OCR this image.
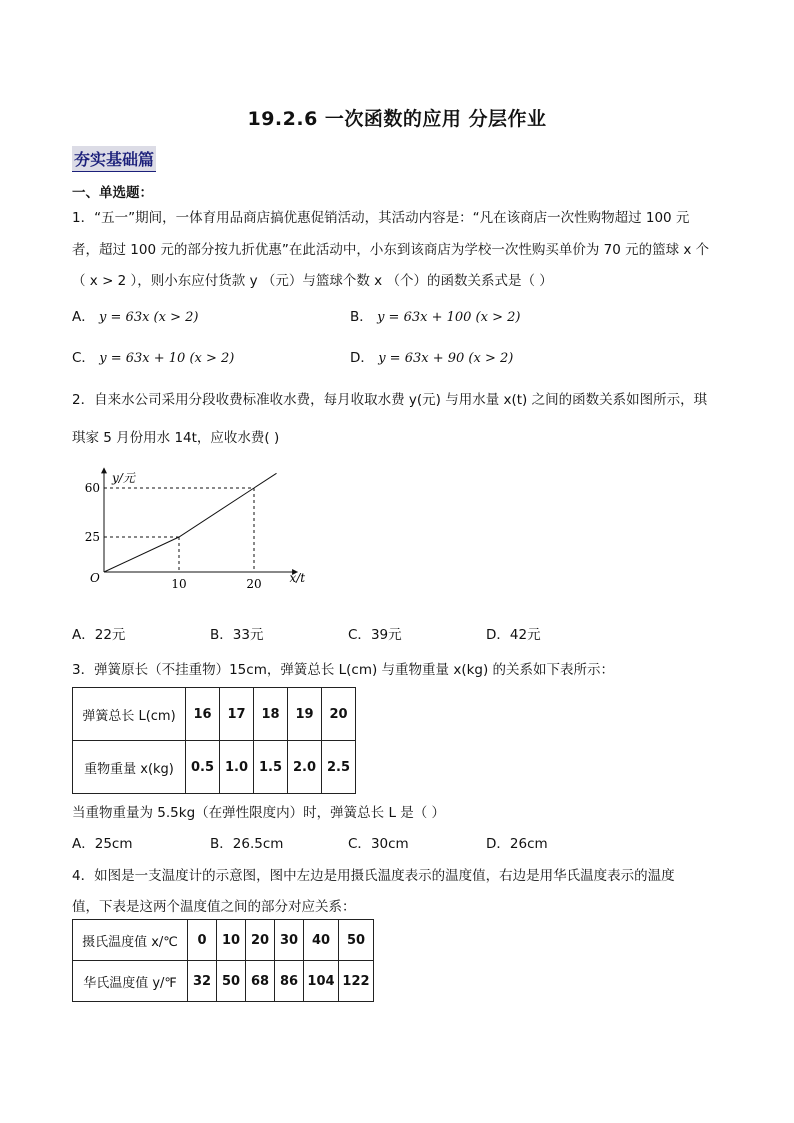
19.2.6 一次函数的应用 分层作业
夯实基础篇
一、单选题：
1．“五一”期间，一体育用品商店搞优惠促销活动，其活动内容是：“凡在该商店一次性购物超过 100 元
者，超过 100 元的部分按九折优惠”在此活动中，小东到该商店为学校一次性购买单价为 70 元的篮球 x 个
（ x > 2 ），则小东应付货款 y （元）与篮球个数 x （个）的函数关系式是（ ）
A． y = 63x (x > 2)	B． y = 63x + 100 (x > 2)
C． y = 63x + 10 (x > 2)	D． y = 63x + 90 (x > 2)
2．自来水公司采用分段收费标准收水费，每月收取水费 y(元) 与用水量 x(t) 之间的函数关系如图所示，琪
琪家 5 月份用水 14t，应收水费( )
10	20
25
60
O	x/t
y/元
A．22元	B．33元	C．39元	D．42元
3．弹簧原长（不挂重物）15cm，弹簧总长 L(cm) 与重物重量 x(kg) 的关系如下表所示：
弹簧总长 L(cm)	16	17	18	19	20
重物重量 x(kg)	0.5	1.0	1.5	2.0	2.5
当重物重量为 5.5kg（在弹性限度内）时，弹簧总长 L 是（ ）
A．25cm	B．26.5cm	C．30cm	D．26cm
4．如图是一支温度计的示意图，图中左边是用摄氏温度表示的温度值，右边是用华氏温度表示的温度
值，下表是这两个温度值之间的部分对应关系：
摄氏温度值 x/℃	0	10	20	30	40	50
华氏温度值 y/℉	32	50	68	86	104	122
